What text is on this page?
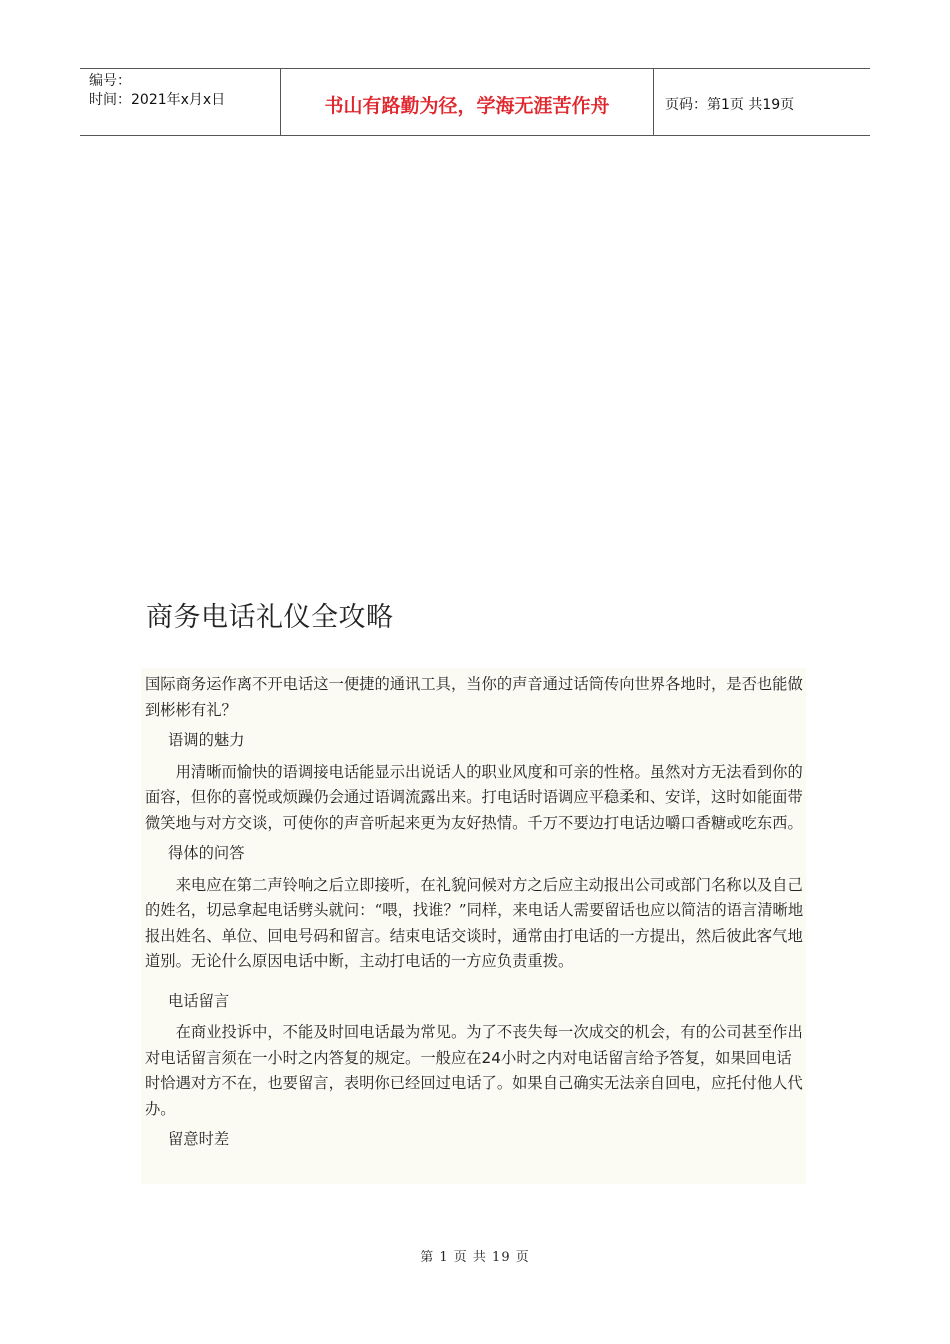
编号：
时间：2021年x月x日	书山有路勤为径，学海无涯苦作舟	页码：第1页 共19页
商务电话礼仪全攻略

国际商务运作离不开电话这一便捷的通讯工具，当你的声音通过话筒传向世界各地时，是否也能做到彬彬有礼？

语调的魅力

用清晰而愉快的语调接电话能显示出说话人的职业风度和可亲的性格。虽然对方无法看到你的面容，但你的喜悦或烦躁仍会通过语调流露出来。打电话时语调应平稳柔和、安详，这时如能面带微笑地与对方交谈，可使你的声音听起来更为友好热情。千万不要边打电话边嚼口香糖或吃东西。

得体的问答

来电应在第二声铃响之后立即接听，在礼貌问候对方之后应主动报出公司或部门名称以及自己的姓名，切忌拿起电话劈头就问：“喂，找谁？”同样，来电话人需要留话也应以简洁的语言清晰地报出姓名、单位、回电号码和留言。结束电话交谈时，通常由打电话的一方提出，然后彼此客气地道别。无论什么原因电话中断，主动打电话的一方应负责重拨。

电话留言

在商业投诉中，不能及时回电话最为常见。为了不丧失每一次成交的机会，有的公司甚至作出对电话留言须在一小时之内答复的规定。一般应在24小时之内对电话留言给予答复，如果回电话时恰遇对方不在，也要留言，表明你已经回过电话了。如果自己确实无法亲自回电，应托付他人代办。

留意时差

第 1 页 共 19 页
